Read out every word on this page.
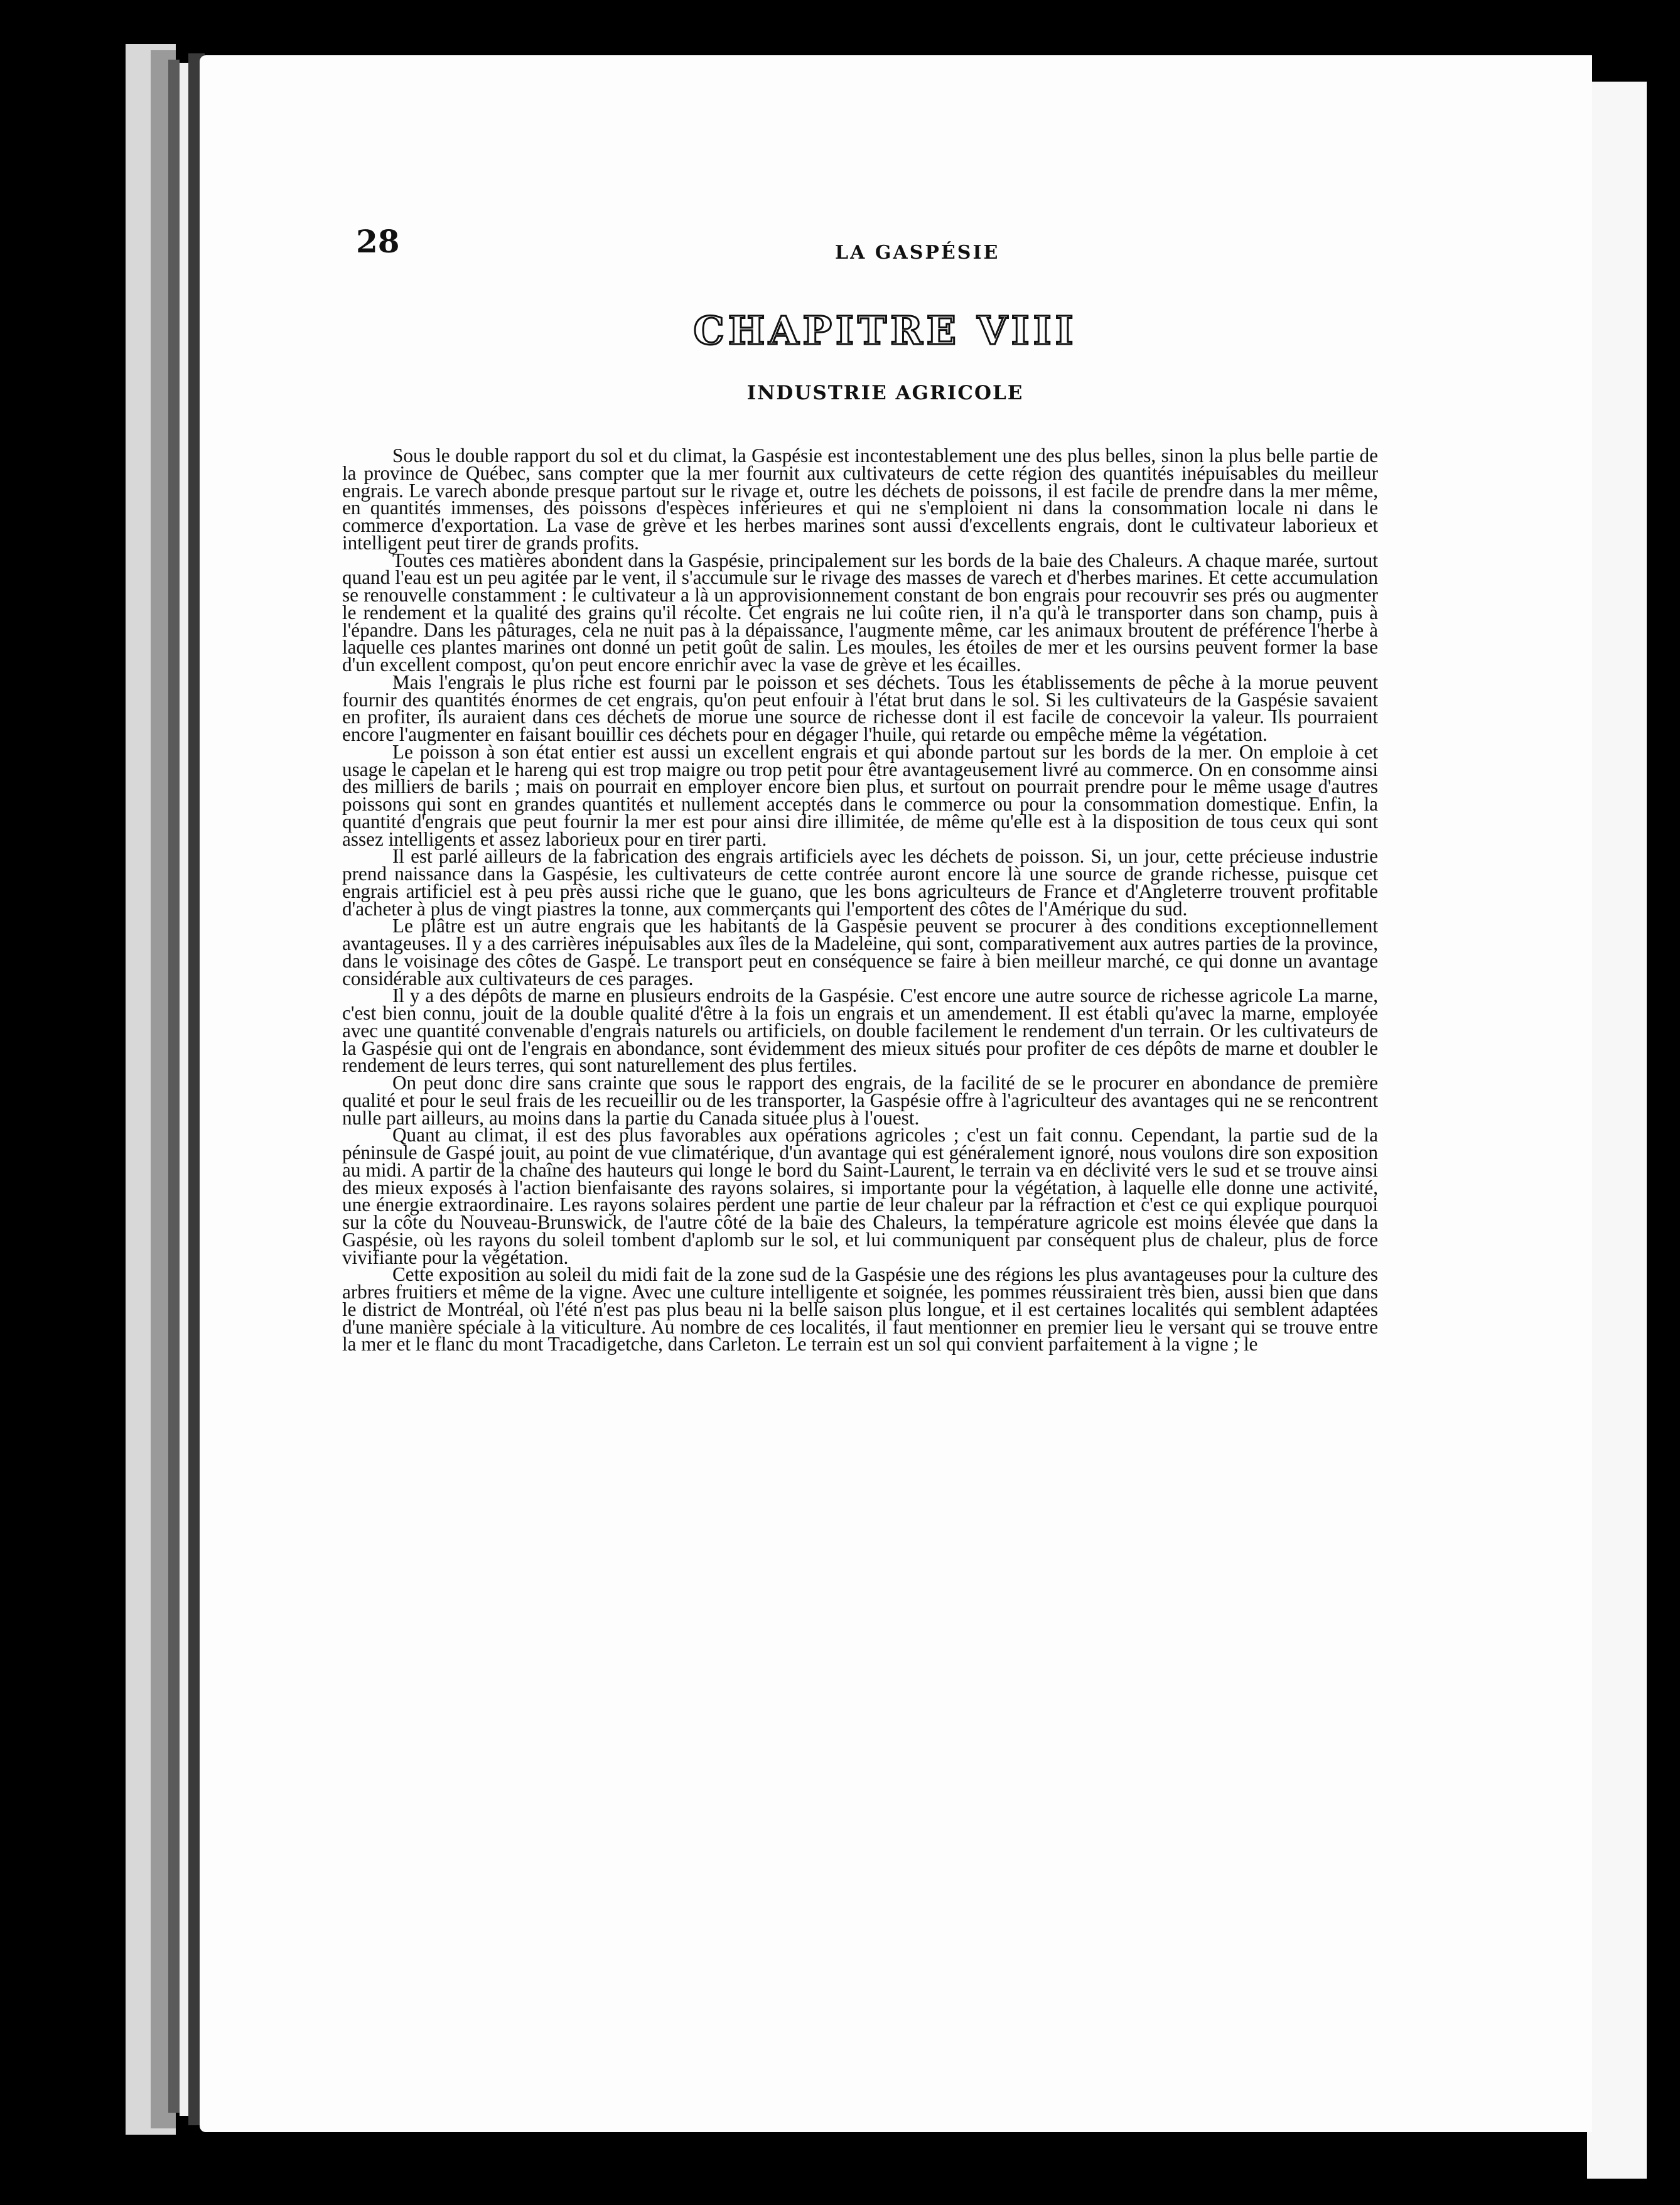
28	LA GASPÉSIE
CHAPITRE VIII
INDUSTRIE AGRICOLE

Sous le double rapport du sol et du climat, la Gaspésie est incontestablement une des plus belles, sinon la plus belle partie de la province de Québec, sans compter que la mer fournit aux cultivateurs de cette région des quantités inépuisables du meilleur engrais. Le varech abonde presque partout sur le rivage et, outre les déchets de poissons, il est facile de prendre dans la mer même, en quantités immenses, des poissons d'espèces inférieures et qui ne s'emploient ni dans la consommation locale ni dans le commerce d'exportation. La vase de grève et les herbes marines sont aussi d'excellents engrais, dont le cultivateur laborieux et intelligent peut tirer de grands profits.

Toutes ces matières abondent dans la Gaspésie, principalement sur les bords de la baie des Chaleurs. A chaque marée, surtout quand l'eau est un peu agitée par le vent, il s'accumule sur le rivage des masses de varech et d'herbes marines. Et cette accumulation se renouvelle constamment : le cultivateur a là un approvisionnement constant de bon engrais pour recouvrir ses prés ou augmenter le rendement et la qualité des grains qu'il récolte. Cet engrais ne lui coûte rien, il n'a qu'à le transporter dans son champ, puis à l'épandre. Dans les pâturages, cela ne nuit pas à la dépaissance, l'augmente même, car les animaux broutent de préférence l'herbe à laquelle ces plantes marines ont donné un petit goût de salin. Les moules, les étoiles de mer et les oursins peuvent former la base d'un excellent compost, qu'on peut encore enrichir avec la vase de grève et les écailles.

Mais l'engrais le plus riche est fourni par le poisson et ses déchets. Tous les établissements de pêche à la morue peuvent fournir des quantités énormes de cet engrais, qu'on peut enfouir à l'état brut dans le sol. Si les cultivateurs de la Gaspésie savaient en profiter, ils auraient dans ces déchets de morue une source de richesse dont il est facile de concevoir la valeur. Ils pourraient encore l'augmenter en faisant bouillir ces déchets pour en dégager l'huile, qui retarde ou empêche même la végétation.

Le poisson à son état entier est aussi un excellent engrais et qui abonde partout sur les bords de la mer. On emploie à cet usage le capelan et le hareng qui est trop maigre ou trop petit pour être avantageusement livré au commerce. On en consomme ainsi des milliers de barils ; mais on pourrait en employer encore bien plus, et surtout on pourrait prendre pour le même usage d'autres poissons qui sont en grandes quantités et nullement acceptés dans le commerce ou pour la consommation domestique. Enfin, la quantité d'engrais que peut fournir la mer est pour ainsi dire illimitée, de même qu'elle est à la disposition de tous ceux qui sont assez intelligents et assez laborieux pour en tirer parti.

Il est parlé ailleurs de la fabrication des engrais artificiels avec les déchets de poisson. Si, un jour, cette précieuse industrie prend naissance dans la Gaspésie, les cultivateurs de cette contrée auront encore là une source de grande richesse, puisque cet engrais artificiel est à peu près aussi riche que le guano, que les bons agriculteurs de France et d'Angleterre trouvent profitable d'acheter à plus de vingt piastres la tonne, aux commerçants qui l'emportent des côtes de l'Amérique du sud.

Le plâtre est un autre engrais que les habitants de la Gaspésie peuvent se procurer à des conditions exceptionnellement avantageuses. Il y a des carrières inépuisables aux îles de la Madeleine, qui sont, comparativement aux autres parties de la province, dans le voisinage des côtes de Gaspé. Le transport peut en conséquence se faire à bien meilleur marché, ce qui donne un avantage considérable aux cultivateurs de ces parages.

Il y a des dépôts de marne en plusieurs endroits de la Gaspésie. C'est encore une autre source de richesse agricole La marne, c'est bien connu, jouit de la double qualité d'être à la fois un engrais et un amendement. Il est établi qu'avec la marne, employée avec une quantité convenable d'engrais naturels ou artificiels, on double facilement le rendement d'un terrain. Or les cultivateurs de la Gaspésie qui ont de l'engrais en abondance, sont évidemment des mieux situés pour profiter de ces dépôts de marne et doubler le rendement de leurs terres, qui sont naturellement des plus fertiles.

On peut donc dire sans crainte que sous le rapport des engrais, de la facilité de se le procurer en abondance de première qualité et pour le seul frais de les recueillir ou de les transporter, la Gaspésie offre à l'agriculteur des avantages qui ne se rencontrent nulle part ailleurs, au moins dans la partie du Canada située plus à l'ouest.

Quant au climat, il est des plus favorables aux opérations agricoles ; c'est un fait connu. Cependant, la partie sud de la péninsule de Gaspé jouit, au point de vue climatérique, d'un avantage qui est généralement ignoré, nous voulons dire son exposition au midi. A partir de la chaîne des hauteurs qui longe le bord du Saint-Laurent, le terrain va en déclivité vers le sud et se trouve ainsi des mieux exposés à l'action bienfaisante des rayons solaires, si importante pour la végétation, à laquelle elle donne une activité, une énergie extraordinaire. Les rayons solaires perdent une partie de leur chaleur par la réfraction et c'est ce qui explique pourquoi sur la côte du Nouveau-Brunswick, de l'autre côté de la baie des Chaleurs, la température agricole est moins élevée que dans la Gaspésie, où les rayons du soleil tombent d'aplomb sur le sol, et lui communiquent par conséquent plus de chaleur, plus de force vivifiante pour la végétation.

Cette exposition au soleil du midi fait de la zone sud de la Gaspésie une des régions les plus avantageuses pour la culture des arbres fruitiers et même de la vigne. Avec une culture intelligente et soignée, les pommes réussiraient très bien, aussi bien que dans le district de Montréal, où l'été n'est pas plus beau ni la belle saison plus longue, et il est certaines localités qui semblent adaptées d'une manière spéciale à la viticulture. Au nombre de ces localités, il faut mentionner en premier lieu le versant qui se trouve entre la mer et le flanc du mont Tracadigetche, dans Carleton. Le terrain est un sol qui convient parfaitement à la vigne ; le
